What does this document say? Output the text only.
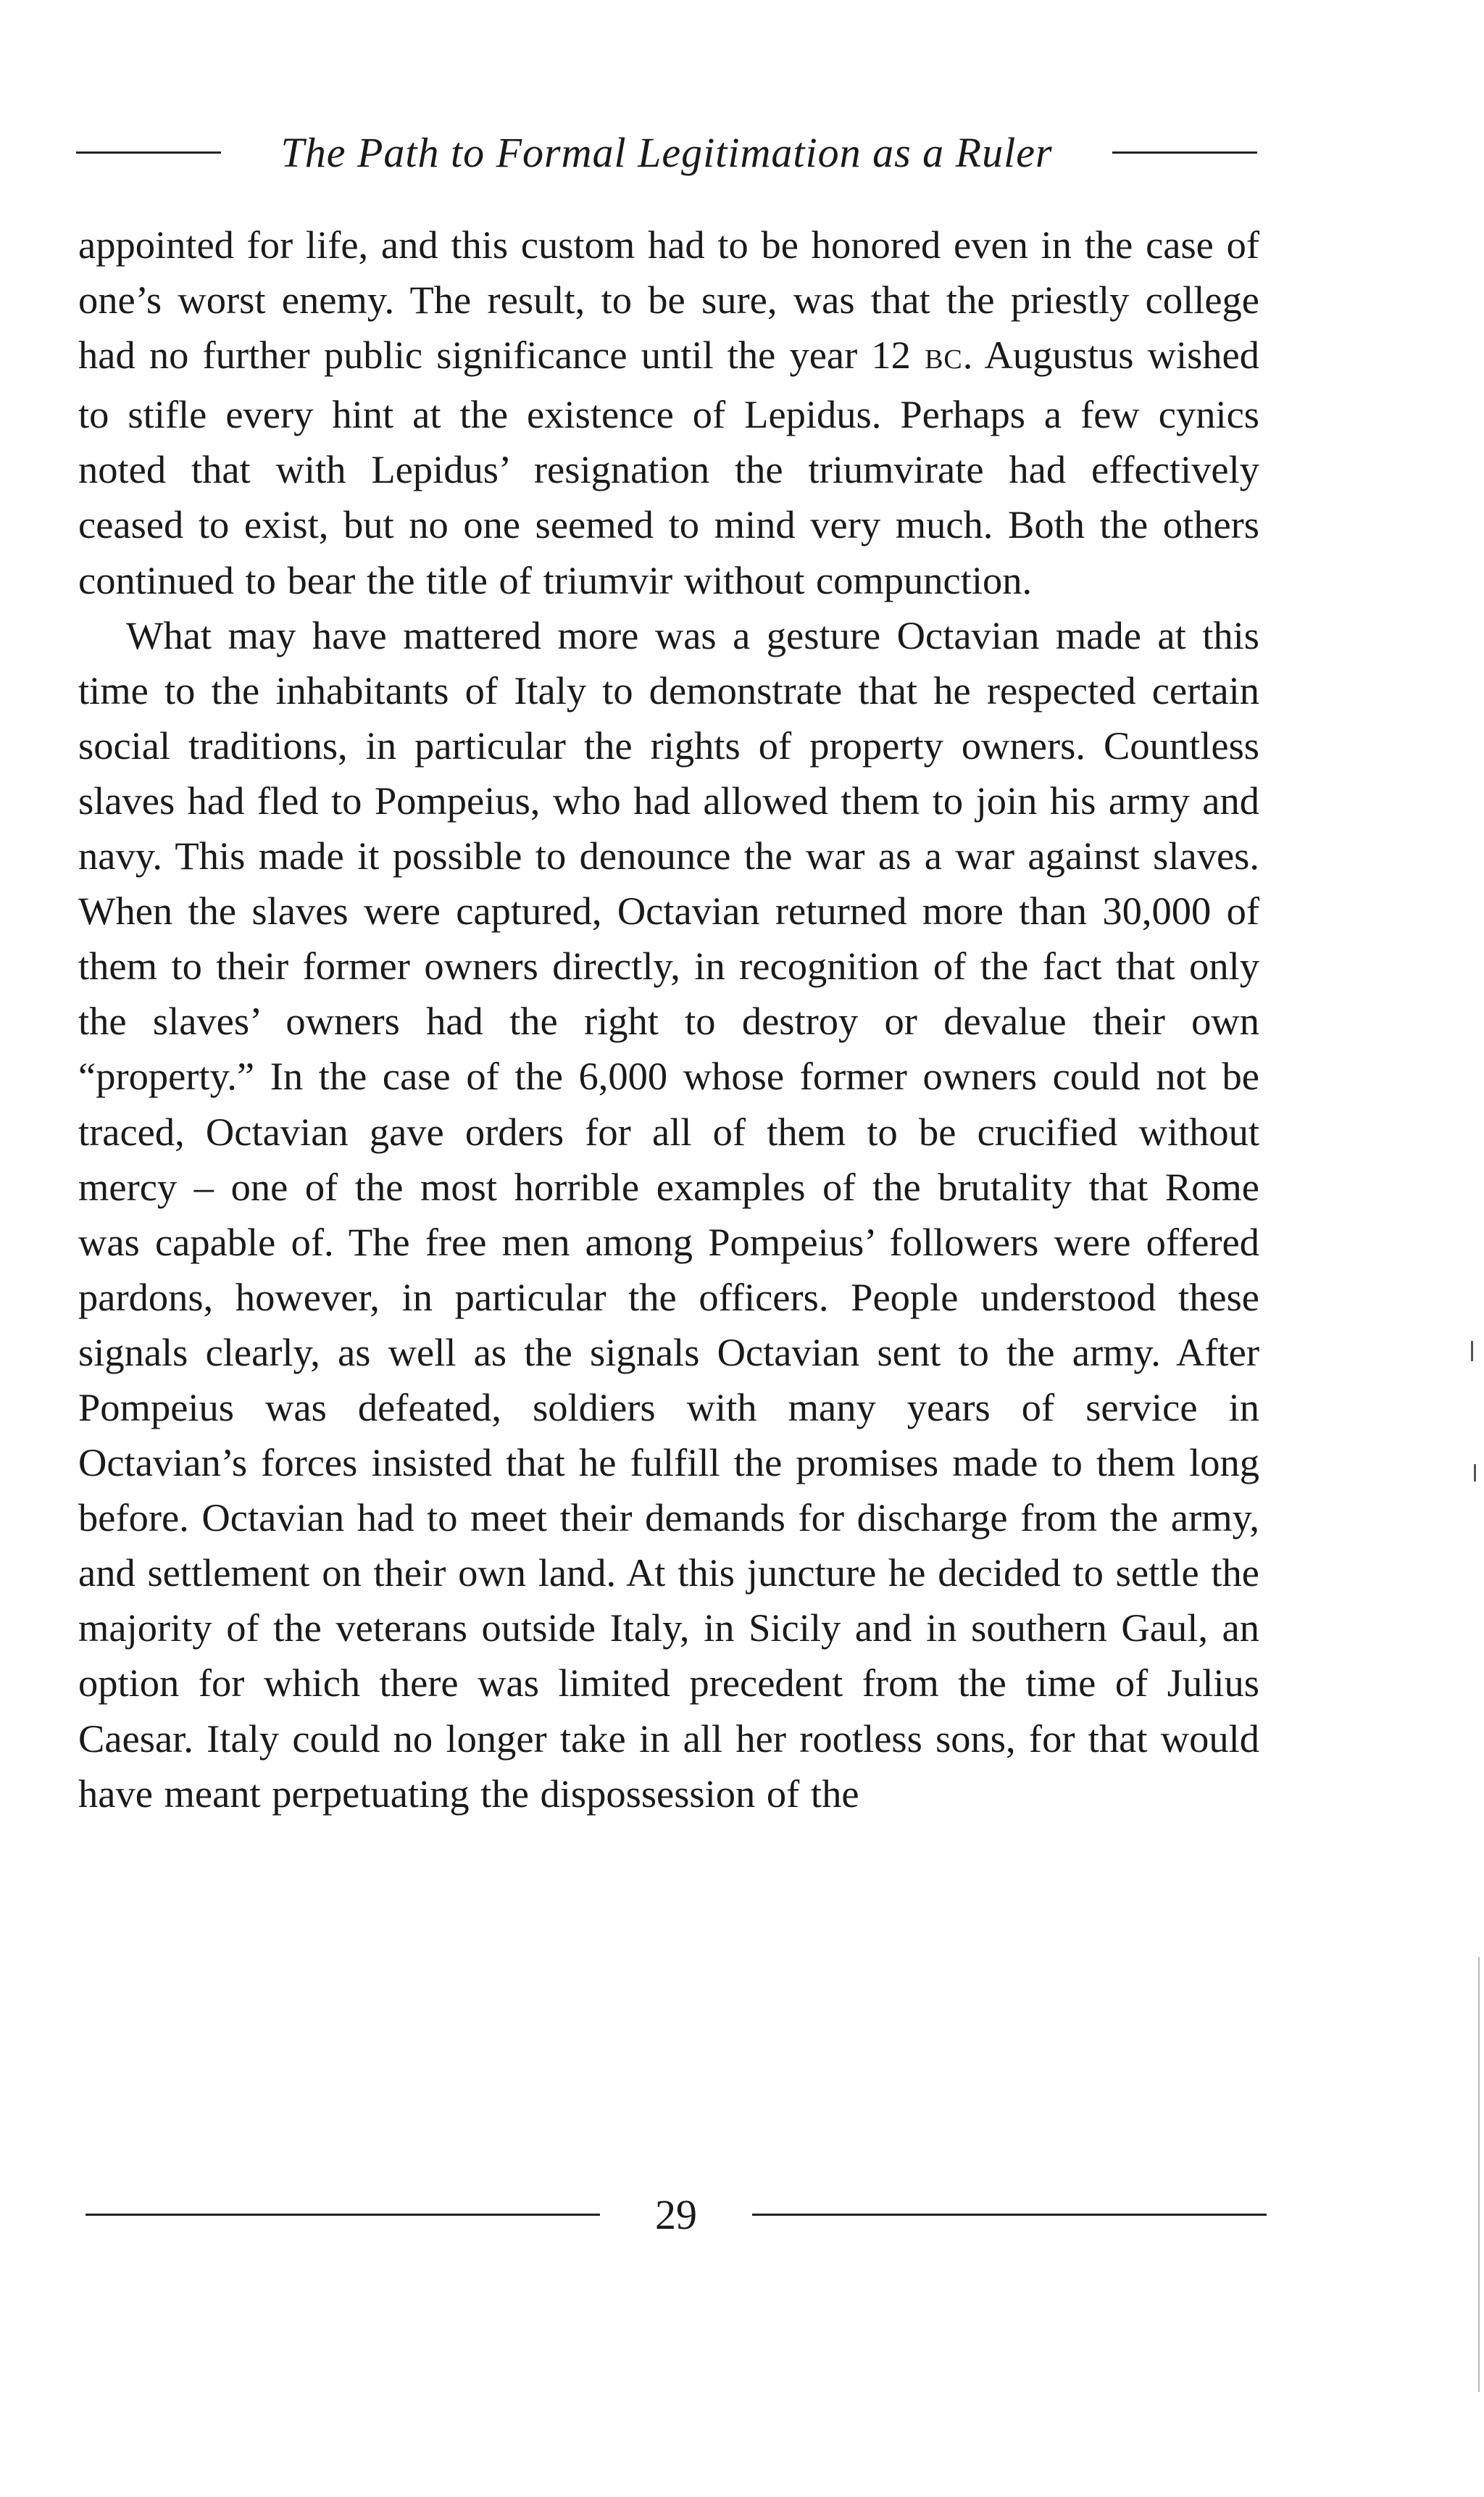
The Path to Formal Legitimation as a Ruler

appointed for life, and this custom had to be honored even in the case of one’s worst enemy. The result, to be sure, was that the priestly college had no further public significance until the year 12 BC. Augustus wished to stifle every hint at the existence of Lepidus. Perhaps a few cynics noted that with Lepidus’ resignation the triumvirate had effectively ceased to exist, but no one seemed to mind very much. Both the others continued to bear the title of triumvir without compunction.

What may have mattered more was a gesture Octavian made at this time to the inhabitants of Italy to demonstrate that he respected certain social traditions, in particular the rights of property owners. Countless slaves had fled to Pompeius, who had allowed them to join his army and navy. This made it possible to denounce the war as a war against slaves. When the slaves were captured, Octavian returned more than 30,000 of them to their former owners directly, in recognition of the fact that only the slaves’ owners had the right to destroy or devalue their own “property.” In the case of the 6,000 whose former owners could not be traced, Octavian gave orders for all of them to be crucified without mercy – one of the most horrible examples of the brutality that Rome was capable of. The free men among Pompeius’ followers were offered pardons, however, in particular the officers. People understood these signals clearly, as well as the signals Octavian sent to the army. After Pompeius was defeated, soldiers with many years of service in Octavian’s forces insisted that he fulfill the promises made to them long before. Octavian had to meet their demands for discharge from the army, and settlement on their own land. At this juncture he decided to settle the majority of the veterans outside Italy, in Sicily and in southern Gaul, an option for which there was limited precedent from the time of Julius Caesar. Italy could no longer take in all her rootless sons, for that would have meant perpetuating the dispossession of the

29
